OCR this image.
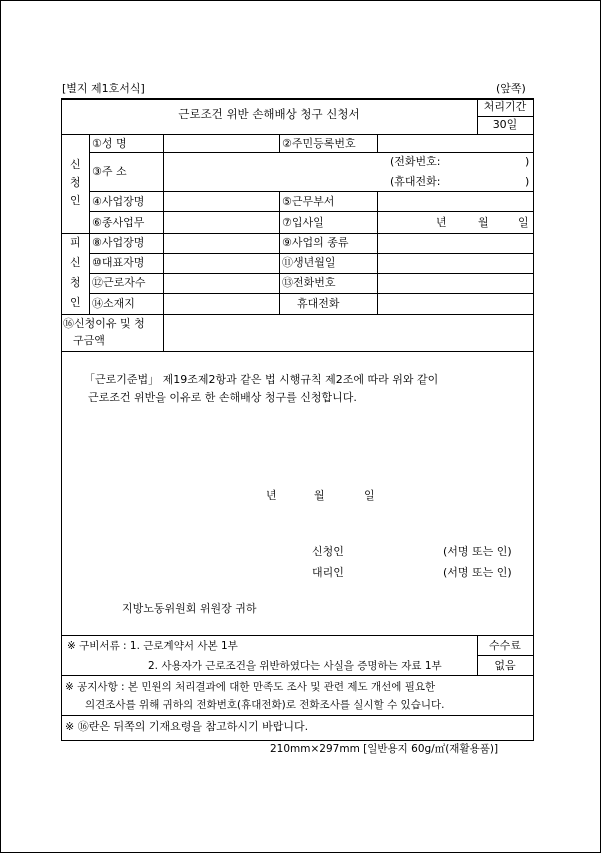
[별지 제1호서식]	(앞쪽)
근로조건 위반 손해배상 청구 신청서
처리기간
30일
신
청
인
①성 명	②주민등록번호
③주 소
(전화번호:	)
(휴대전화:	)
④사업장명	⑤근무부서
⑥종사업무	⑦입사일	년	월	일
피
신
청
인
⑧사업장명	⑨사업의 종류
⑩대표자명	⑪생년월일
⑫근로자수	⑬전화번호
⑭소재지	휴대전화
⑯신청이유 및 청
구금액
「근로기준법」 제19조제2항과 같은 법 시행규칙 제2조에 따라 위와 같이
근로조건 위반을 이유로 한 손해배상 청구를 신청합니다.
년	월	일
신청인	(서명 또는 인)
대리인	(서명 또는 인)
지방노동위원회 위원장 귀하
※ 구비서류 : 1. 근로계약서 사본 1부
2. 사용자가 근로조건을 위반하였다는 사실을 증명하는 자료 1부
수수료
없음
※ 공지사항 : 본 민원의 처리결과에 대한 만족도 조사 및 관련 제도 개선에 필요한
의견조사를 위해 귀하의 전화번호(휴대전화)로 전화조사를 실시할 수 있습니다.
※ ⑯란은 뒤쪽의 기재요령을 참고하시기 바랍니다.
210mm×297mm [일반용지 60g/㎡(재활용품)]
